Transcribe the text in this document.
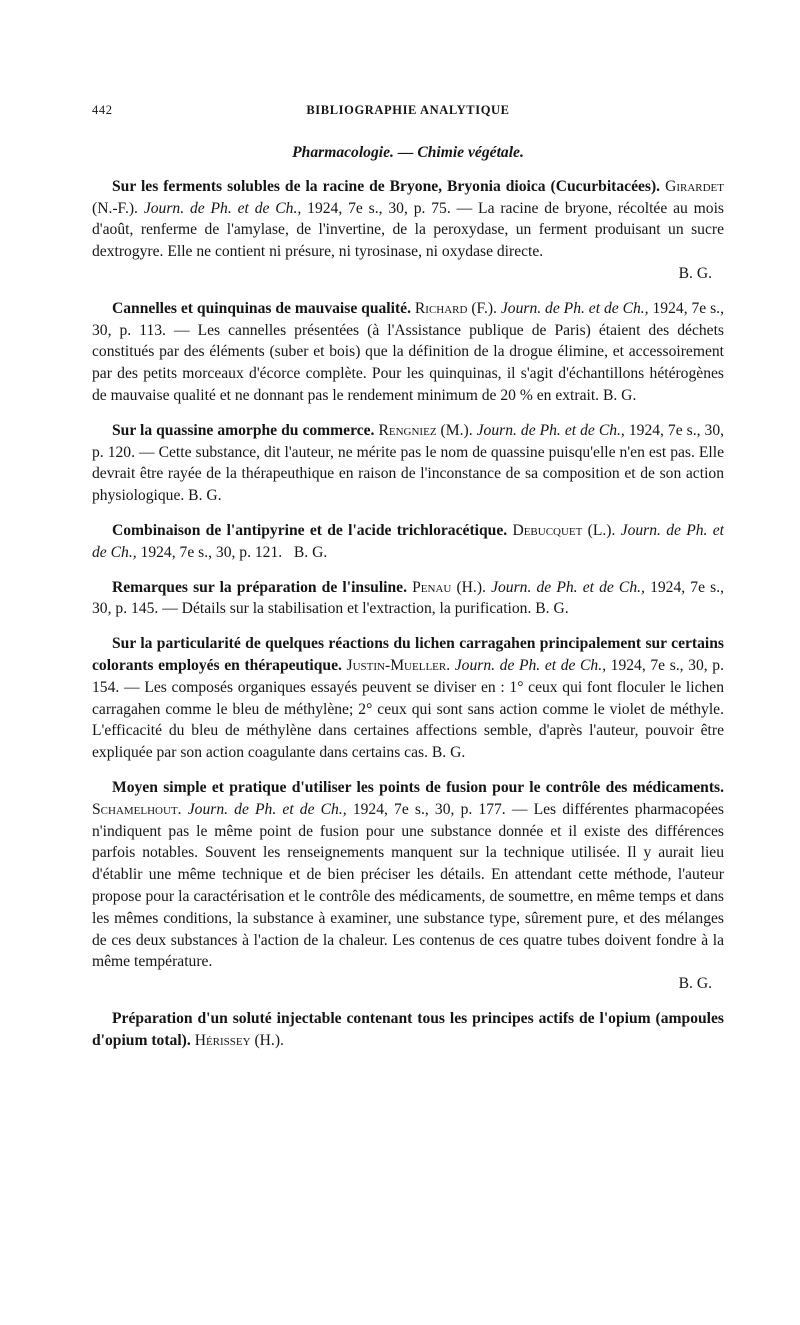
442	BIBLIOGRAPHIE ANALYTIQUE
Pharmacologie. — Chimie végétale.

Sur les ferments solubles de la racine de Bryone, Bryonia dioica (Cucurbitacées). Girardet (N.-F.). Journ. de Ph. et de Ch., 1924, 7e s., 30, p. 75. — La racine de bryone, récoltée au mois d'août, renferme de l'amylase, de l'invertine, de la peroxydase, un ferment produisant un sucre dextrogyre. Elle ne contient ni présure, ni tyrosinase, ni oxydase directe.

B. G.

Cannelles et quinquinas de mauvaise qualité. Richard (F.). Journ. de Ph. et de Ch., 1924, 7e s., 30, p. 113. — Les cannelles présentées (à l'Assistance publique de Paris) étaient des déchets constitués par des éléments (suber et bois) que la définition de la drogue élimine, et accessoirement par des petits morceaux d'écorce complète. Pour les quinquinas, il s'agit d'échantillons hétérogènes de mauvaise qualité et ne donnant pas le rendement minimum de 20 % en extrait. B. G.

Sur la quassine amorphe du commerce. Rengniez (M.). Journ. de Ph. et de Ch., 1924, 7e s., 30, p. 120. — Cette substance, dit l'auteur, ne mérite pas le nom de quassine puisqu'elle n'en est pas. Elle devrait être rayée de la thérapeuthique en raison de l'inconstance de sa composition et de son action physiologique. B. G.

Combinaison de l'antipyrine et de l'acide trichloracétique. Debucquet (L.). Journ. de Ph. et de Ch., 1924, 7e s., 30, p. 121. B. G.

Remarques sur la préparation de l'insuline. Penau (H.). Journ. de Ph. et de Ch., 1924, 7e s., 30, p. 145. — Détails sur la stabilisation et l'extraction, la purification. B. G.

Sur la particularité de quelques réactions du lichen carragahen principalement sur certains colorants employés en thérapeutique. Justin-Mueller. Journ. de Ph. et de Ch., 1924, 7e s., 30, p. 154. — Les composés organiques essayés peuvent se diviser en : 1° ceux qui font floculer le lichen carragahen comme le bleu de méthylène; 2° ceux qui sont sans action comme le violet de méthyle. L'efficacité du bleu de méthylène dans certaines affections semble, d'après l'auteur, pouvoir être expliquée par son action coagulante dans certains cas. B. G.

Moyen simple et pratique d'utiliser les points de fusion pour le contrôle des médicaments. Schamelhout. Journ. de Ph. et de Ch., 1924, 7e s., 30, p. 177. — Les différentes pharmacopées n'indiquent pas le même point de fusion pour une substance donnée et il existe des différences parfois notables. Souvent les renseignements manquent sur la technique utilisée. Il y aurait lieu d'établir une même technique et de bien préciser les détails. En attendant cette méthode, l'auteur propose pour la caractérisation et le contrôle des médicaments, de soumettre, en même temps et dans les mêmes conditions, la substance à examiner, une substance type, sûrement pure, et des mélanges de ces deux substances à l'action de la chaleur. Les contenus de ces quatre tubes doivent fondre à la même température.

B. G.

Préparation d'un soluté injectable contenant tous les principes actifs de l'opium (ampoules d'opium total). Hérissey (H.).
